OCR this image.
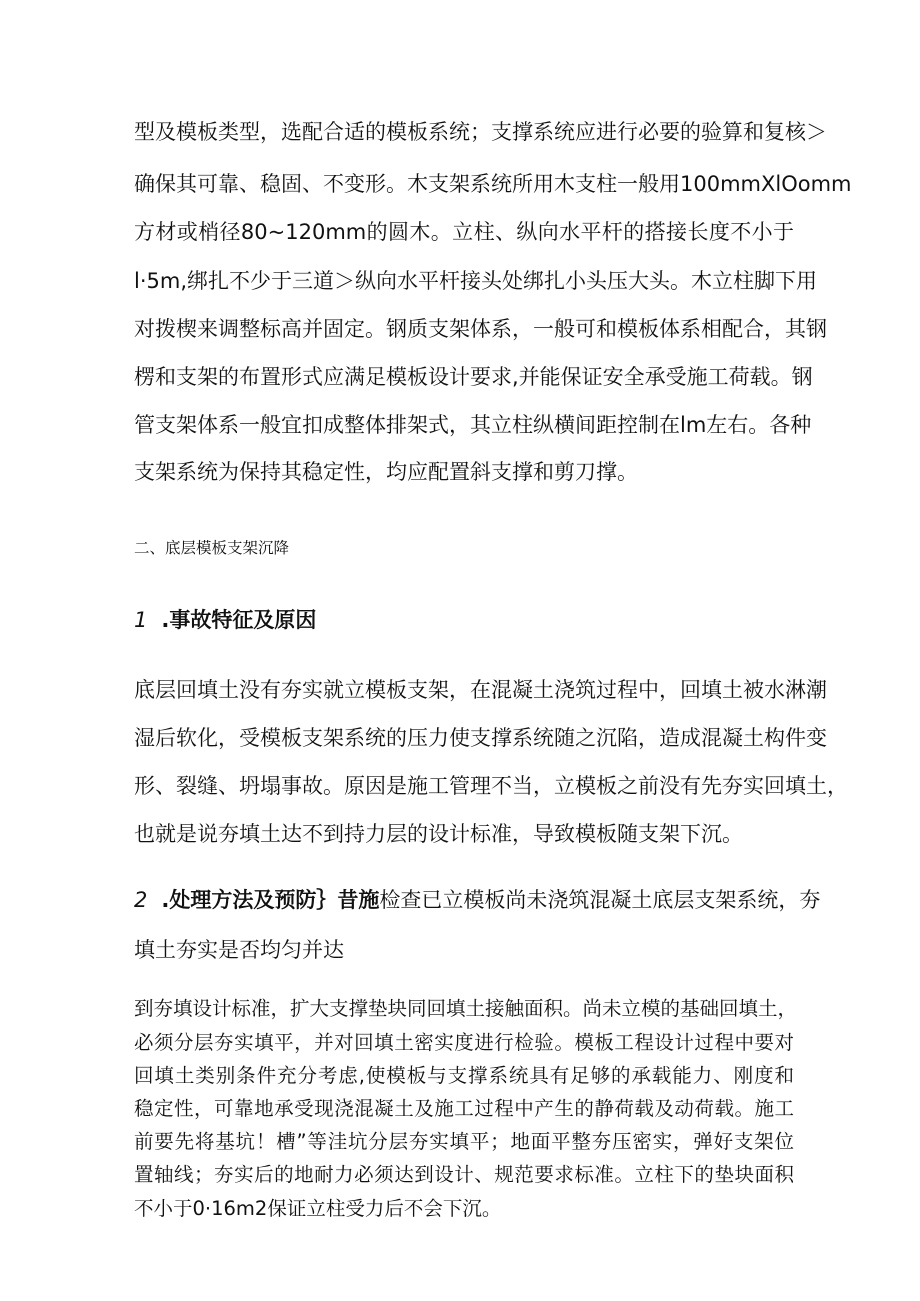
型及模板类型，选配合适的模板系统；支撑系统应进行必要的验算和复核＞
确保其可靠、稳固、不变形。木支架系统所用木支柱一般用100mmXlOomm
方材或梢径80~120mm的圆木。立柱、纵向水平杆的搭接长度不小于
l·5m,绑扎不少于三道＞纵向水平杆接头处绑扎小头压大头。木立柱脚下用
对拨楔来调整标高并固定。钢质支架体系，一般可和模板体系相配合，其钢
楞和支架的布置形式应满足模板设计要求,并能保证安全承受施工荷载。钢
管支架体系一般宜扣成整体排架式，其立柱纵横间距控制在lm左右。各种
支架系统为保持其稳定性，均应配置斜支撑和剪刀撑。
二、底层模板支架沉降
1 .事故特征及原因
底层回填土没有夯实就立模板支架，在混凝土浇筑过程中，回填土被水淋潮
湿后软化，受模板支架系统的压力使支撑系统随之沉陷，造成混凝土构件变
形、裂缝、坍塌事故。原因是施工管理不当，立模板之前没有先夯实回填土，
也就是说夯填土达不到持力层的设计标准，导致模板随支架下沉。
2 .处理方法及预防｝昔施检查已立模板尚未浇筑混凝土底层支架系统，夯
填土夯实是否均匀并达
到夯填设计标准，扩大支撑垫块同回填土接触面积。尚未立模的基础回填土，
必须分层夯实填平，并对回填土密实度进行检验。模板工程设计过程中要对
回填土类别条件充分考虑,使模板与支撑系统具有足够的承载能力、刚度和
稳定性，可靠地承受现浇混凝土及施工过程中产生的静荷载及动荷载。施工
前要先将基坑！槽”等洼坑分层夯实填平；地面平整夯压密实，弹好支架位
置轴线；夯实后的地耐力必须达到设计、规范要求标准。立柱下的垫块面积
不小于0·16m2保证立柱受力后不会下沉。
